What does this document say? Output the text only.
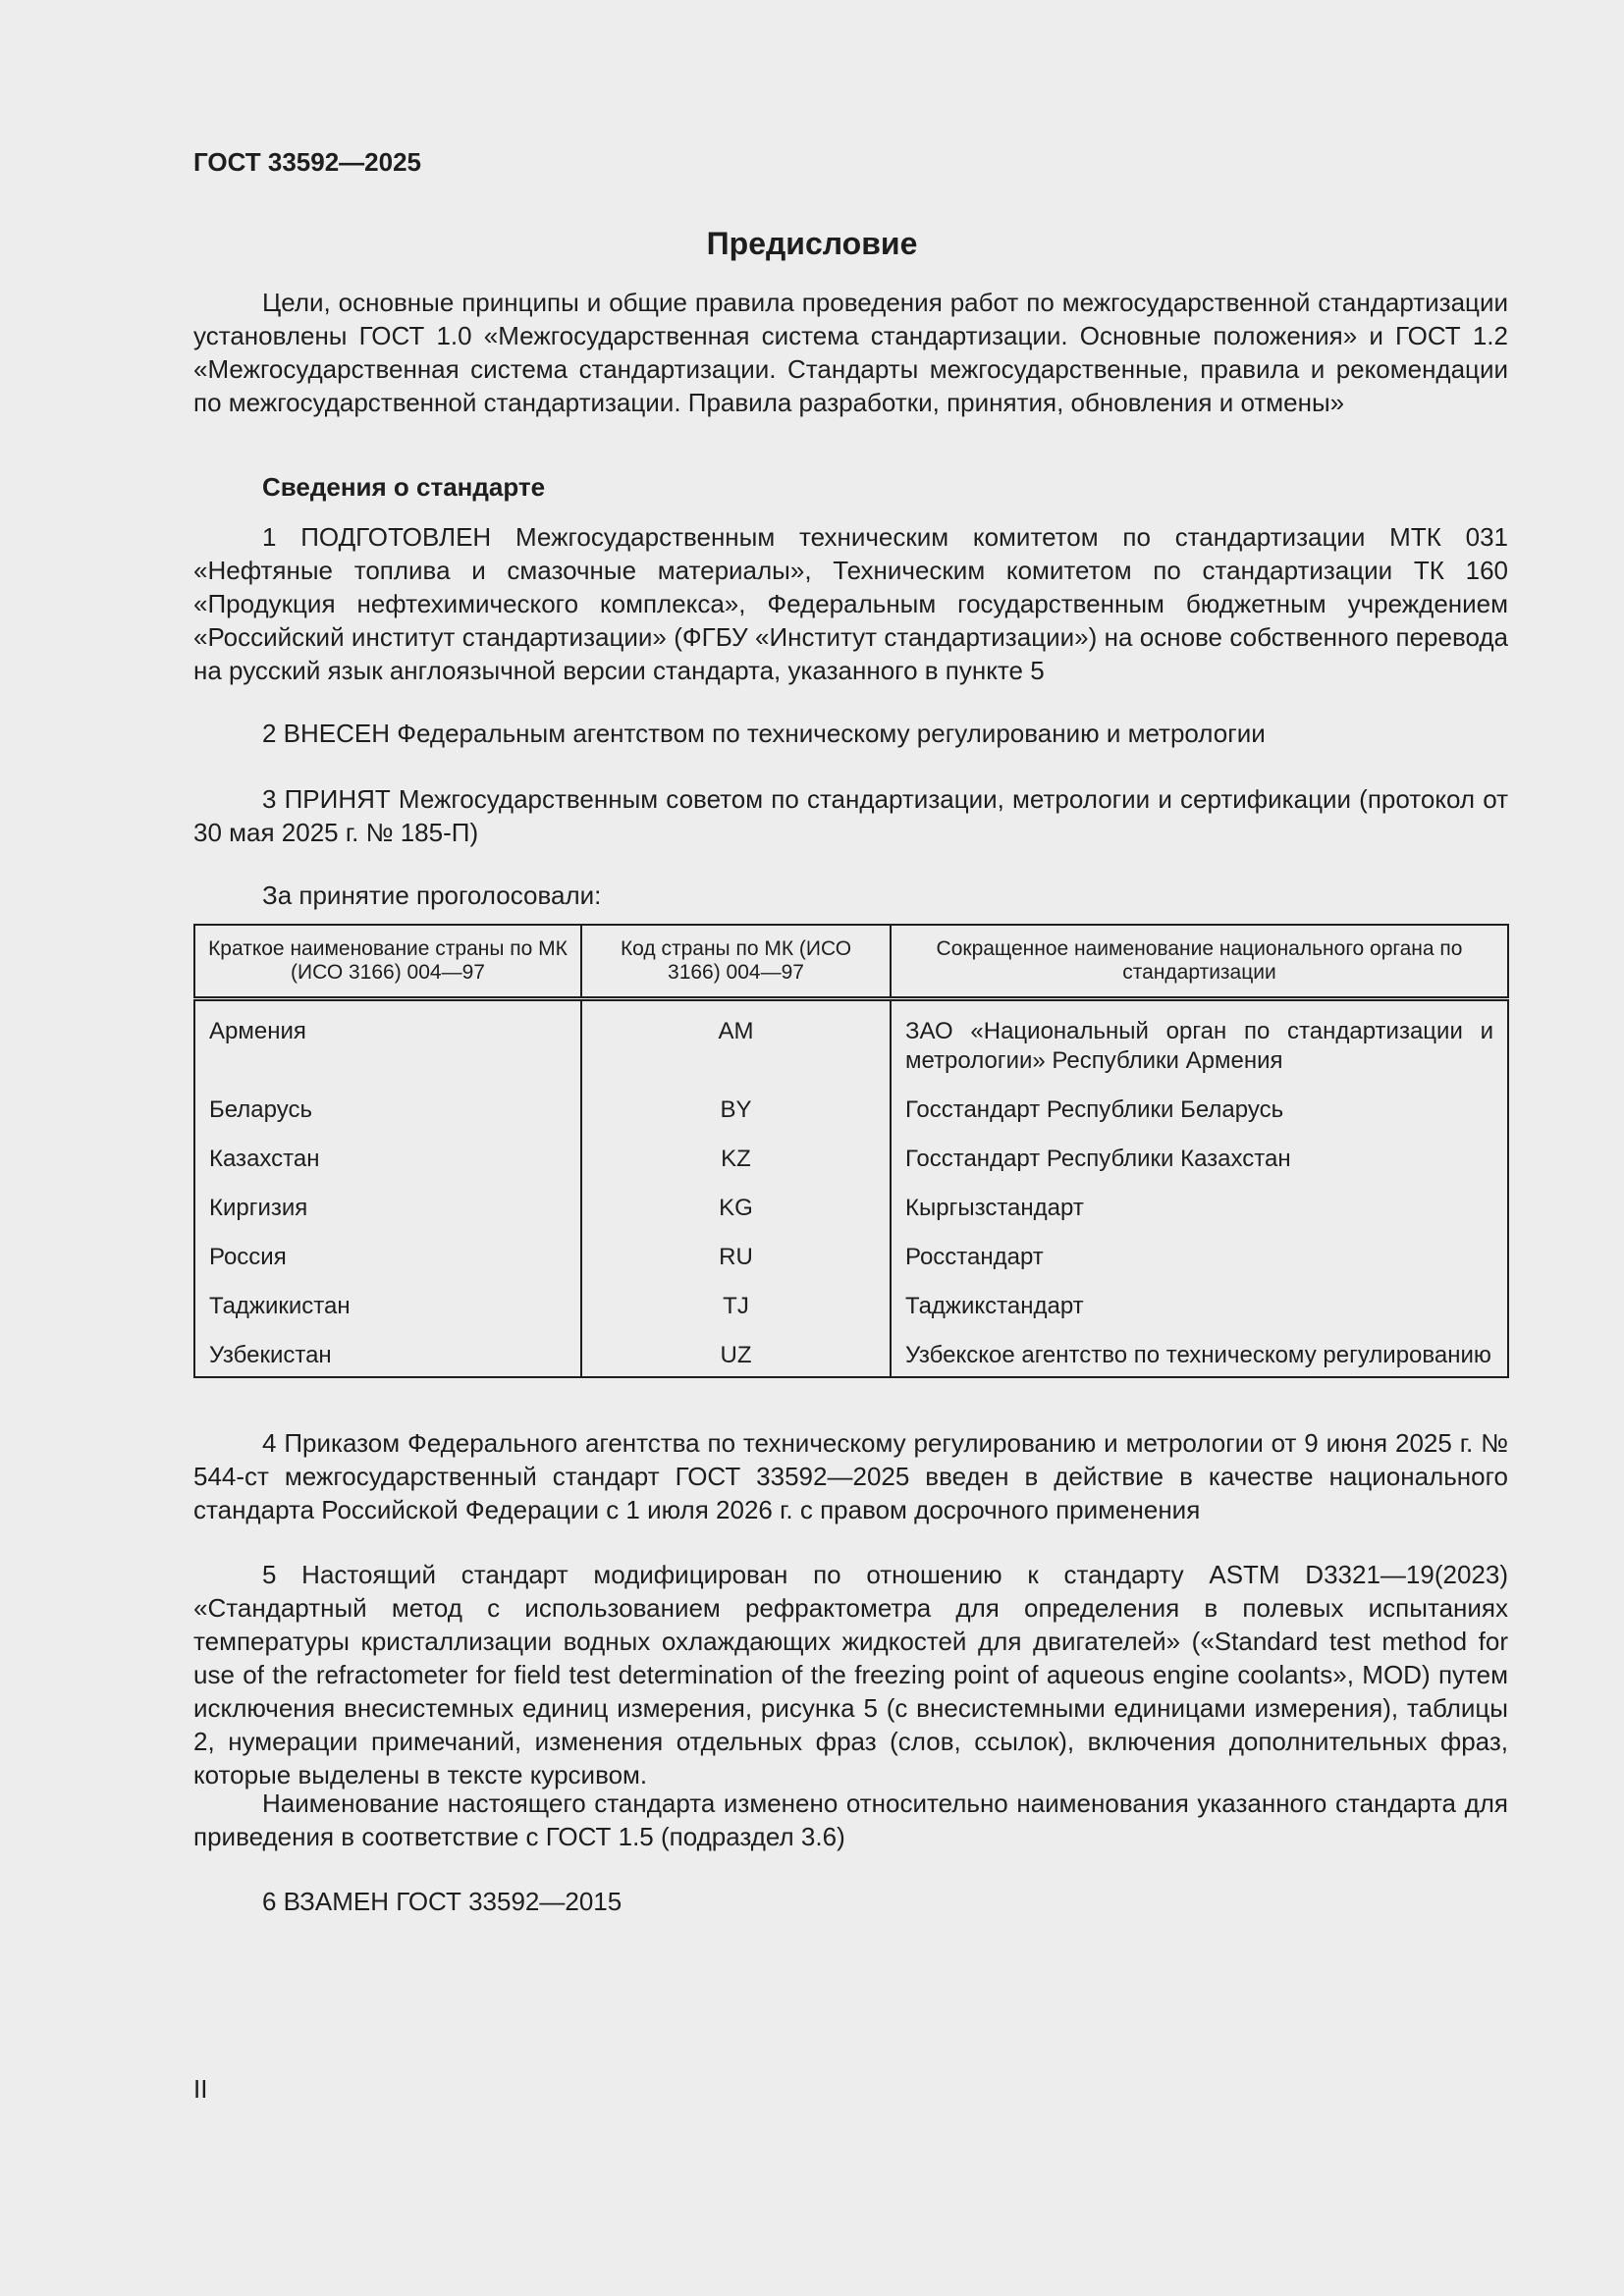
ГОСТ 33592—2025
Предисловие
Цели, основные принципы и общие правила проведения работ по межгосударственной стандартизации установлены ГОСТ 1.0 «Межгосударственная система стандартизации. Основные положения» и ГОСТ 1.2 «Межгосударственная система стандартизации. Стандарты межгосударственные, правила и рекомендации по межгосударственной стандартизации. Правила разработки, принятия, обновления и отмены»
Сведения о стандарте
1 ПОДГОТОВЛЕН Межгосударственным техническим комитетом по стандартизации МТК 031 «Нефтяные топлива и смазочные материалы», Техническим комитетом по стандартизации ТК 160 «Продукция нефтехимического комплекса», Федеральным государственным бюджетным учреждением «Российский институт стандартизации» (ФГБУ «Институт стандартизации») на основе собственного перевода на русский язык англоязычной версии стандарта, указанного в пункте 5
2 ВНЕСЕН Федеральным агентством по техническому регулированию и метрологии
3 ПРИНЯТ Межгосударственным советом по стандартизации, метрологии и сертификации (протокол от 30 мая 2025 г. № 185-П)
За принятие проголосовали:
Краткое наименование страны по МК (ИСО 3166) 004—97	Код страны по МК (ИСО 3166) 004—97	Сокращенное наименование национального органа по стандартизации
Армения	AM	ЗАО «Национальный орган по стандартизации и метрологии» Республики Армения
Беларусь	BY	Госстандарт Республики Беларусь
Казахстан	KZ	Госстандарт Республики Казахстан
Киргизия	KG	Кыргызстандарт
Россия	RU	Росстандарт
Таджикистан	TJ	Таджикстандарт
Узбекистан	UZ	Узбекское агентство по техническому регулированию
4 Приказом Федерального агентства по техническому регулированию и метрологии от 9 июня 2025 г. № 544-ст межгосударственный стандарт ГОСТ 33592—2025 введен в действие в качестве национального стандарта Российской Федерации с 1 июля 2026 г. с правом досрочного применения
5 Настоящий стандарт модифицирован по отношению к стандарту ASTM D3321—19(2023) «Стандартный метод с использованием рефрактометра для определения в полевых испытаниях температуры кристаллизации водных охлаждающих жидкостей для двигателей» («Standard test method for use of the refractometer for field test determination of the freezing point of aqueous engine coolants», MOD) путем исключения внесистемных единиц измерения, рисунка 5 (с внесистемными единицами измерения), таблицы 2, нумерации примечаний, изменения отдельных фраз (слов, ссылок), включения дополнительных фраз, которые выделены в тексте курсивом.
Наименование настоящего стандарта изменено относительно наименования указанного стандарта для приведения в соответствие с ГОСТ 1.5 (подраздел 3.6)
6 ВЗАМЕН ГОСТ 33592—2015
II
